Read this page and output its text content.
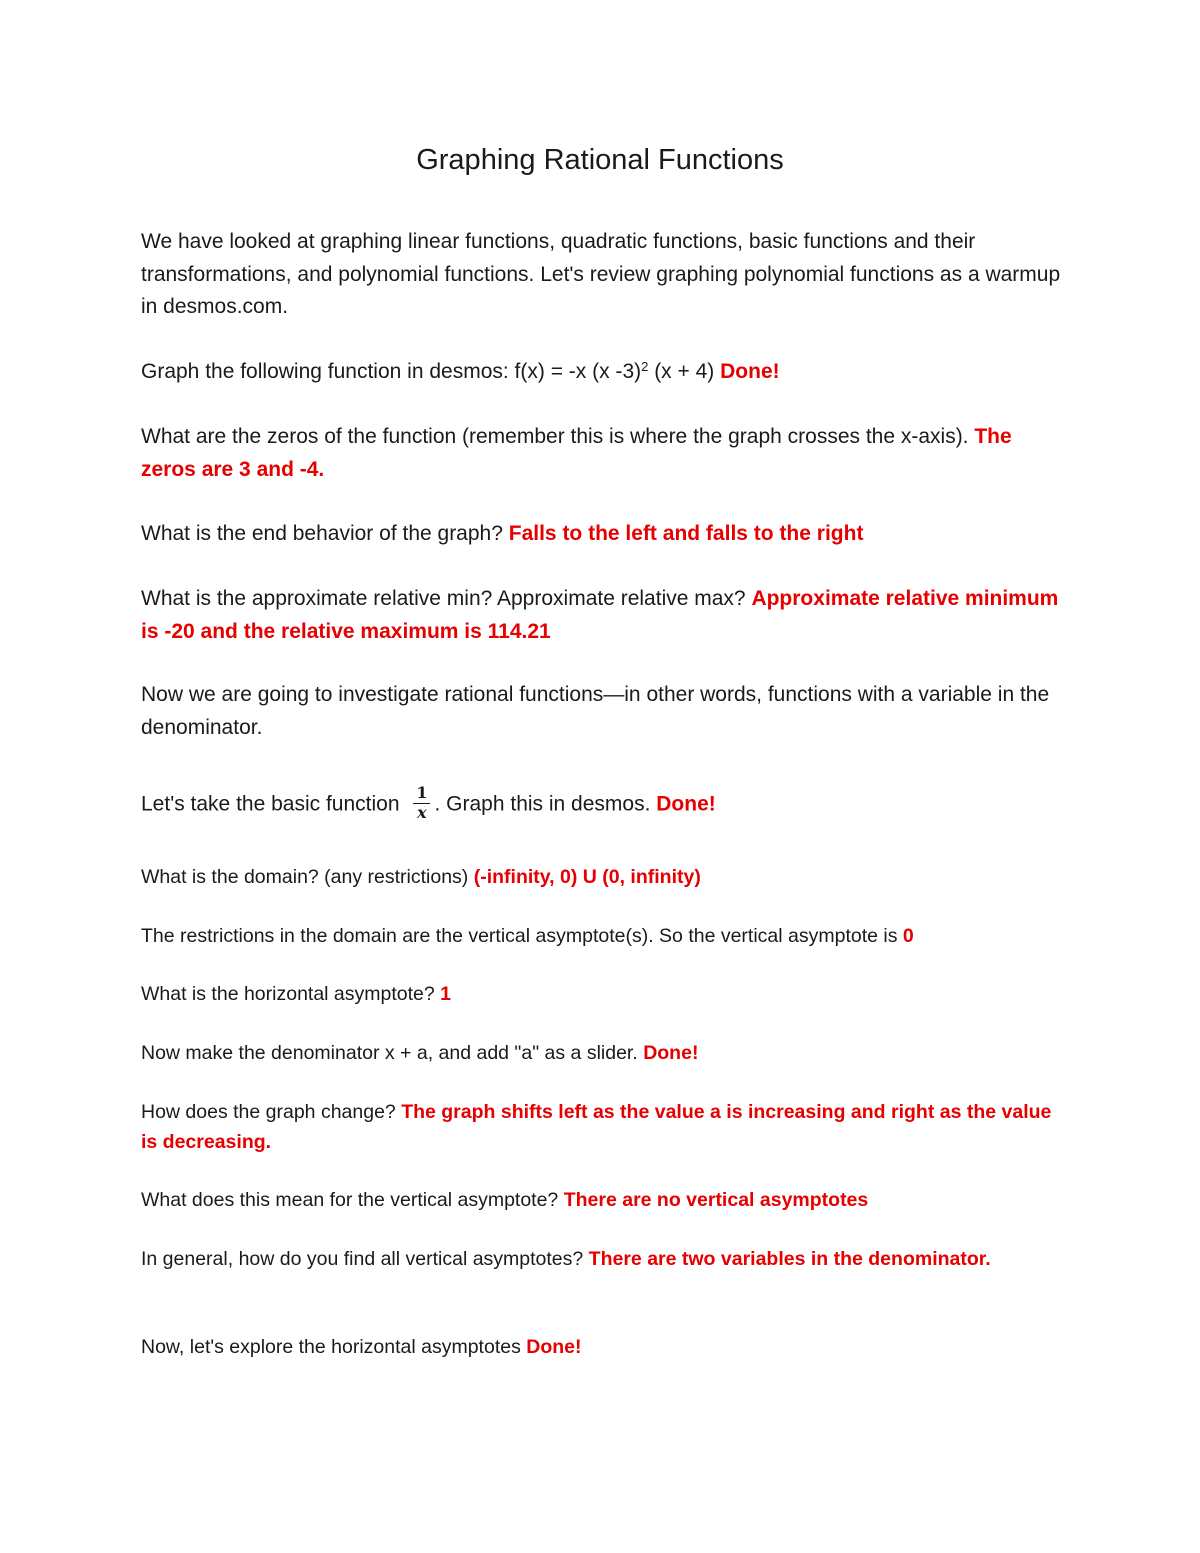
Graphing Rational Functions

We have looked at graphing linear functions, quadratic functions, basic functions and their transformations, and polynomial functions. Let's review graphing polynomial functions as a warmup in desmos.com.

Graph the following function in desmos: f(x) = -x (x -3)$^2$ (x + 4) Done!

What are the zeros of the function (remember this is where the graph crosses the x-axis). The zeros are 3 and -4.

What is the end behavior of the graph? Falls to the left and falls to the right

What is the approximate relative min? Approximate relative max? Approximate relative minimum is -20 and the relative maximum is 114.21

Now we are going to investigate rational functions—in other words, functions with a variable in the denominator.

Let's take the basic function $\frac{1}{x}$ . Graph this in desmos. Done!

What is the domain? (any restrictions) (-infinity, 0) U (0, infinity)

The restrictions in the domain are the vertical asymptote(s). So the vertical asymptote is 0

What is the horizontal asymptote? 1

Now make the denominator x + a, and add "a" as a slider. Done!

How does the graph change? The graph shifts left as the value a is increasing and right as the value is decreasing.

What does this mean for the vertical asymptote? There are no vertical asymptotes

In general, how do you find all vertical asymptotes? There are two variables in the denominator.

Now, let's explore the horizontal asymptotes Done!
